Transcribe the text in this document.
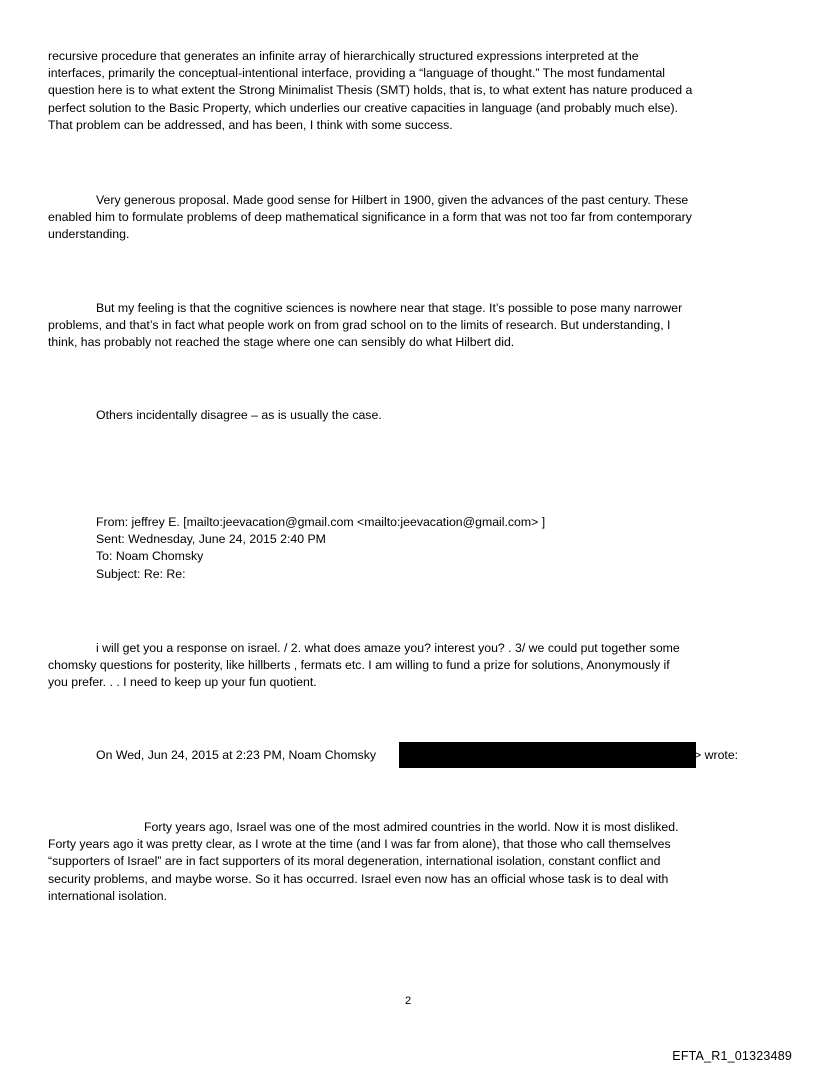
recursive procedure that generates an infinite array of hierarchically structured expressions interpreted at the
interfaces, primarily the conceptual-intentional interface, providing a “language of thought.” The most fundamental
question here is to what extent the Strong Minimalist Thesis (SMT) holds, that is, to what extent has nature produced a
perfect solution to the Basic Property, which underlies our creative capacities in language (and probably much else).
That problem can be addressed, and has been, I think with some success.

Very generous proposal. Made good sense for Hilbert in 1900, given the advances of the past century. These
enabled him to formulate problems of deep mathematical significance in a form that was not too far from contemporary
understanding.

But my feeling is that the cognitive sciences is nowhere near that stage. It’s possible to pose many narrower
problems, and that’s in fact what people work on from grad school on to the limits of research. But understanding, I
think, has probably not reached the stage where one can sensibly do what Hilbert did.

Others incidentally disagree – as is usually the case.

From: jeffrey E. [mailto:jeevacation@gmail.com <mailto:jeevacation@gmail.com> ]
Sent: Wednesday, June 24, 2015 2:40 PM
To: Noam Chomsky
Subject: Re: Re:

i will get you a response on israel. / 2. what does amaze you? interest you? . 3/ we could put together some
chomsky questions for posterity, like hillberts , fermats etc. I am willing to fund a prize for solutions, Anonymously if
you prefer. . . I need to keep up your fun quotient.

On Wed, Jun 24, 2015 at 2:23 PM, Noam Chomsky	> wrote:

Forty years ago, Israel was one of the most admired countries in the world. Now it is most disliked.
Forty years ago it was pretty clear, as I wrote at the time (and I was far from alone), that those who call themselves
“supporters of Israel” are in fact supporters of its moral degeneration, international isolation, constant conflict and
security problems, and maybe worse. So it has occurred. Israel even now has an official whose task is to deal with
international isolation.

2
EFTA_R1_01323489
